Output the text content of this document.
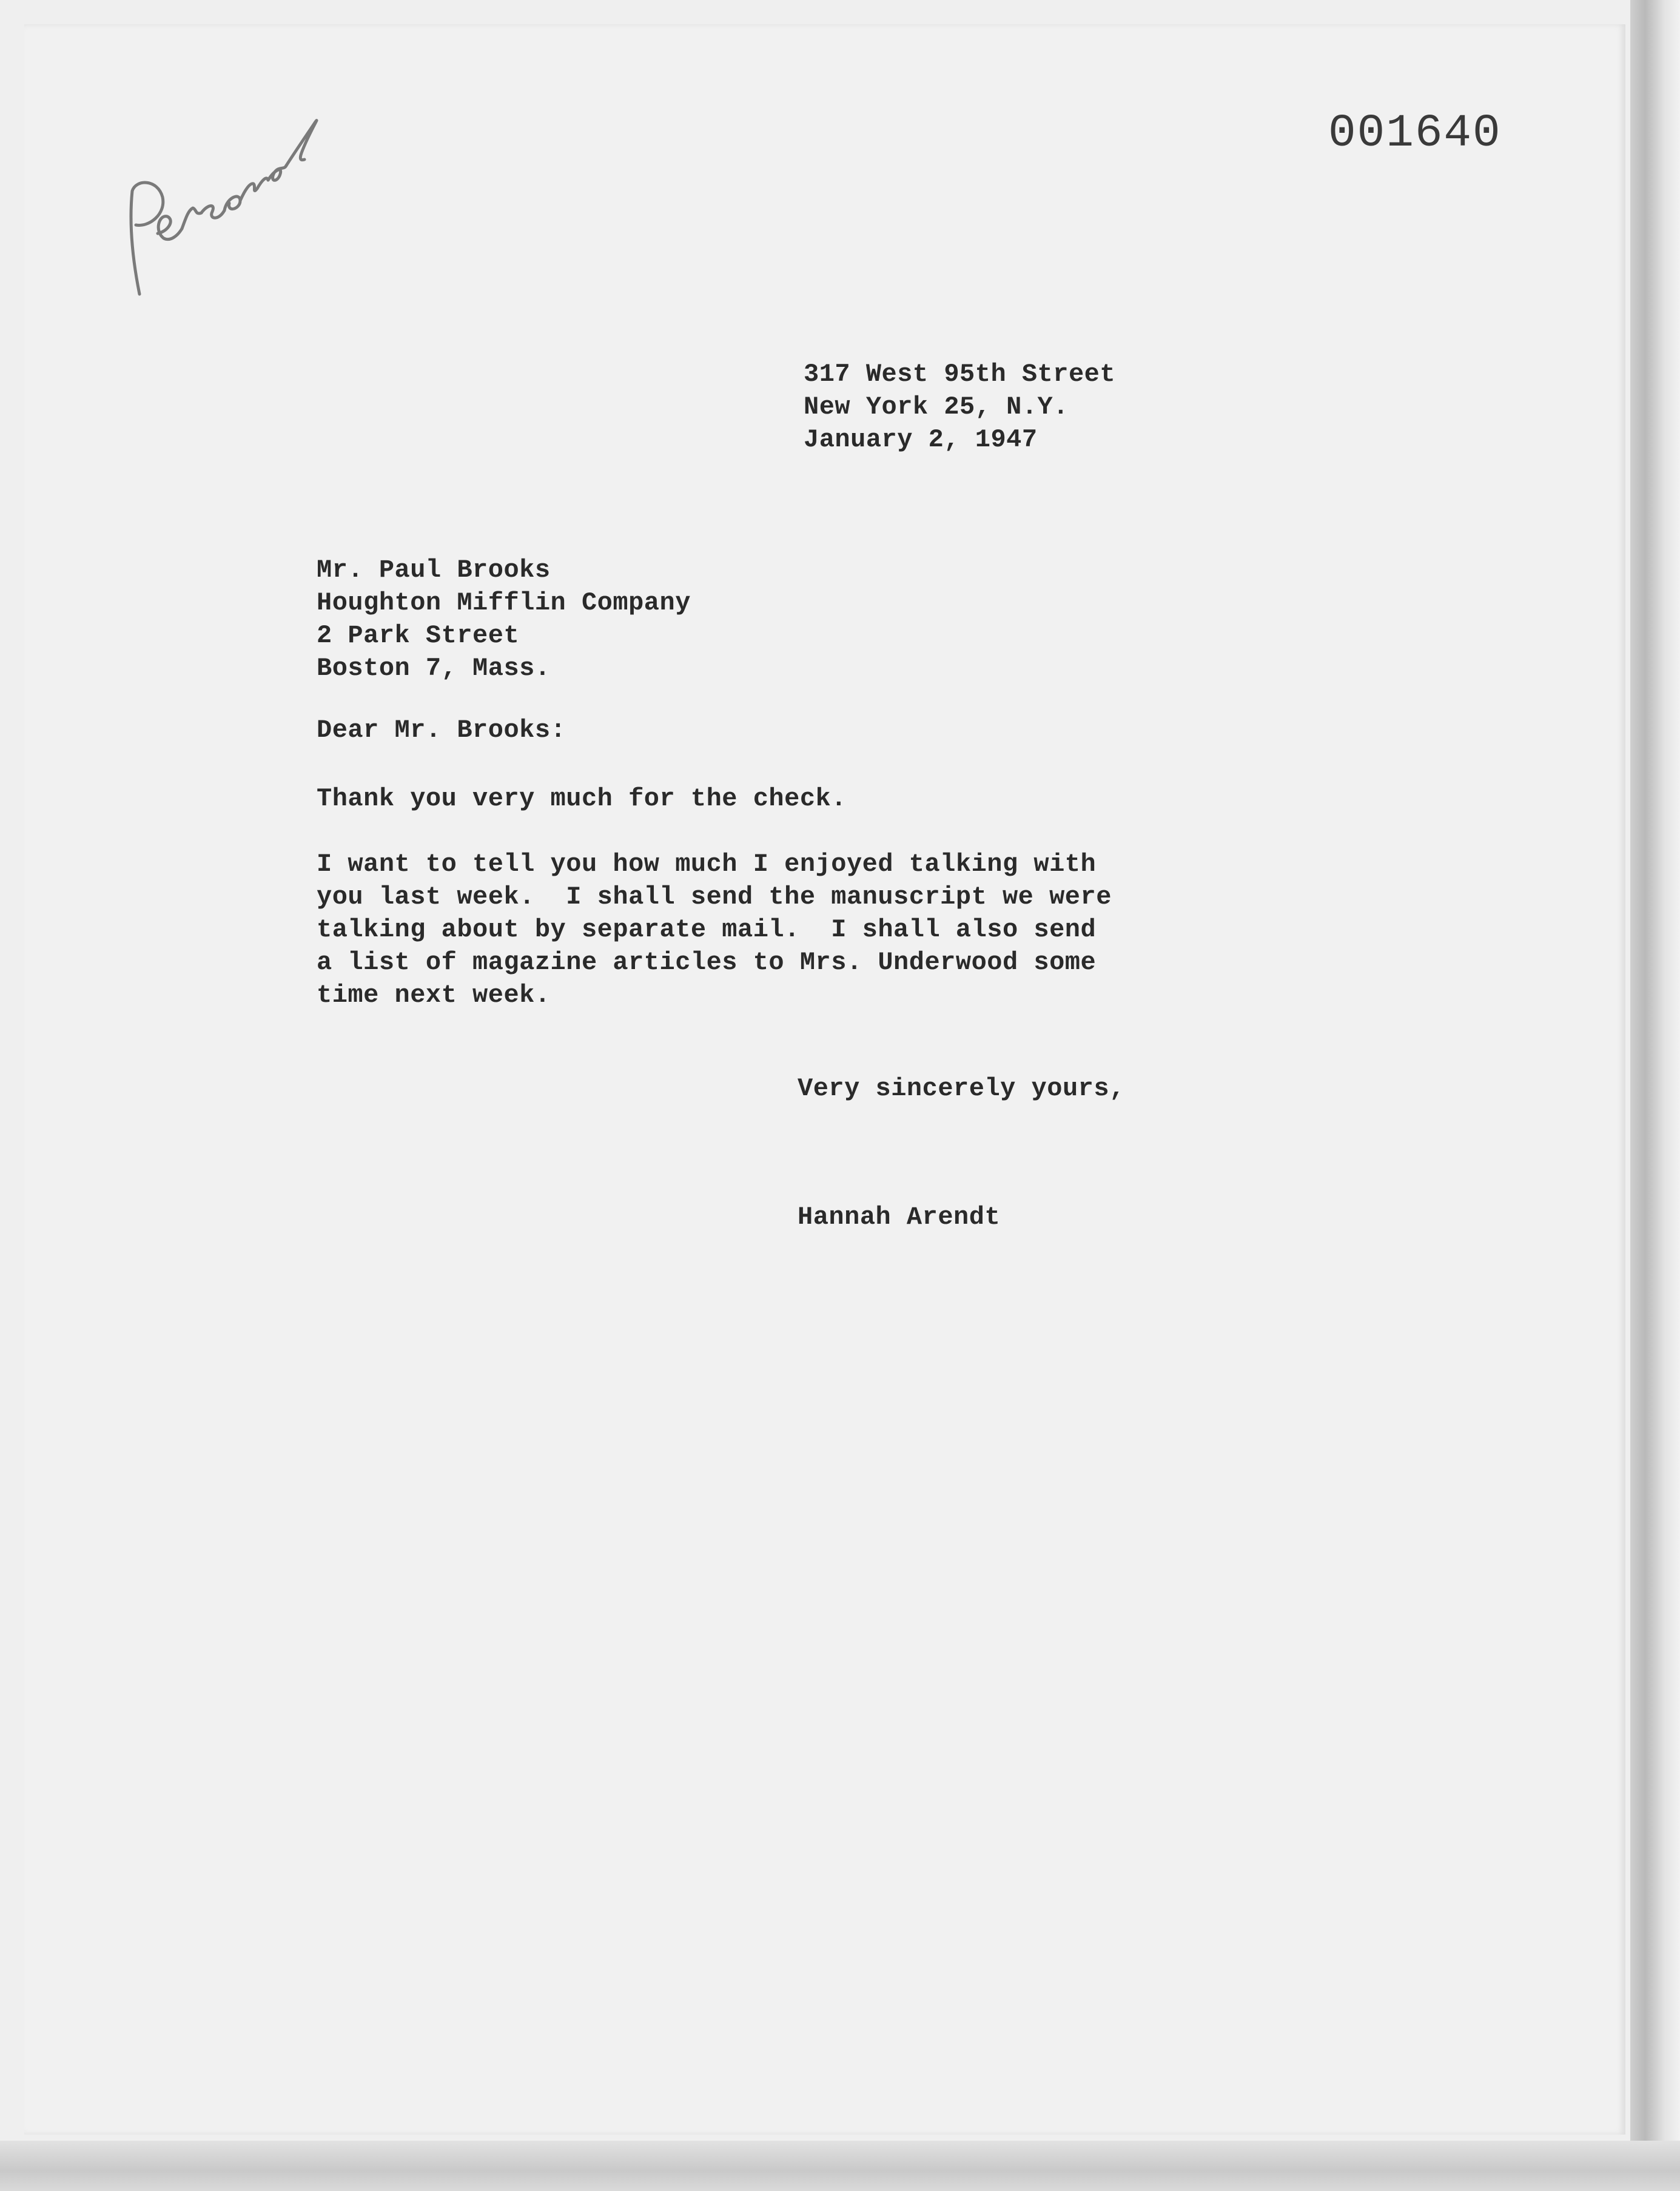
001640
317 West 95th Street
New York 25, N.Y.
January 2, 1947
Mr. Paul Brooks
Houghton Mifflin Company
2 Park Street
Boston 7, Mass.
Dear Mr. Brooks:
Thank you very much for the check.
I want to tell you how much I enjoyed talking with
you last week.  I shall send the manuscript we were
talking about by separate mail.  I shall also send
a list of magazine articles to Mrs. Underwood some
time next week.
Very sincerely yours,
Hannah Arendt
